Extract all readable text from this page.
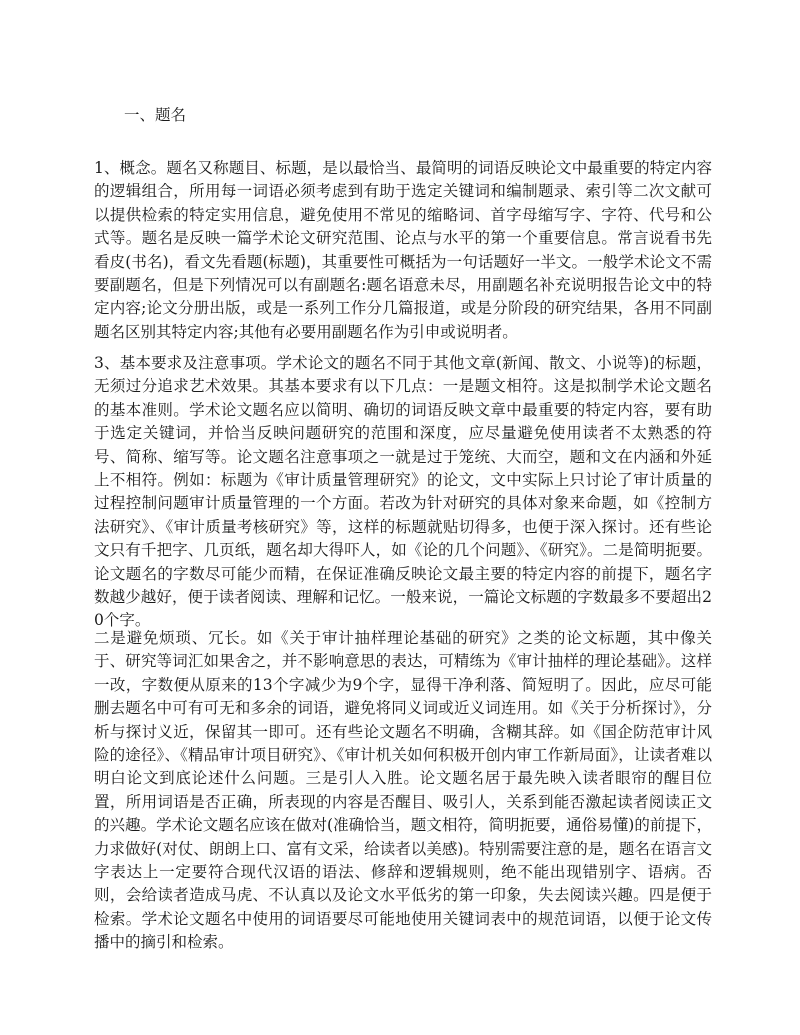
一、题名
1、概念。题名又称题目、标题，是以最恰当、最简明的词语反映论文中最重要的特定内容的逻辑组合，所用每一词语必须考虑到有助于选定关键词和编制题录、索引等二次文献可以提供检索的特定实用信息，避免使用不常见的缩略词、首字母缩写字、字符、代号和公式等。题名是反映一篇学术论文研究范围、论点与水平的第一个重要信息。常言说看书先看皮(书名)，看文先看题(标题)，其重要性可概括为一句话题好一半文。一般学术论文不需要副题名，但是下列情况可以有副题名:题名语意未尽，用副题名补充说明报告论文中的特定内容;论文分册出版，或是一系列工作分几篇报道，或是分阶段的研究结果，各用不同副题名区别其特定内容;其他有必要用副题名作为引申或说明者。
3、基本要求及注意事项。学术论文的题名不同于其他文章(新闻、散文、小说等)的标题，无须过分追求艺术效果。其基本要求有以下几点：一是题文相符。这是拟制学术论文题名的基本准则。学术论文题名应以简明、确切的词语反映文章中最重要的特定内容，要有助于选定关键词，并恰当反映问题研究的范围和深度，应尽量避免使用读者不太熟悉的符号、简称、缩写等。论文题名注意事项之一就是过于笼统、大而空，题和文在内涵和外延上不相符。例如：标题为《审计质量管理研究》的论文，文中实际上只讨论了审计质量的过程控制问题审计质量管理的一个方面。若改为针对研究的具体对象来命题，如《控制方法研究》、《审计质量考核研究》等，这样的标题就贴切得多，也便于深入探讨。还有些论文只有千把字、几页纸，题名却大得吓人，如《论的几个问题》、《研究》。二是简明扼要。论文题名的字数尽可能少而精，在保证准确反映论文最主要的特定内容的前提下，题名字数越少越好，便于读者阅读、理解和记忆。一般来说，一篇论文标题的字数最多不要超出20个字。
二是避免烦琐、冗长。如《关于审计抽样理论基础的研究》之类的论文标题，其中像关于、研究等词汇如果舍之，并不影响意思的表达，可精练为《审计抽样的理论基础》。这样一改，字数便从原来的13个字减少为9个字，显得干净利落、简短明了。因此，应尽可能删去题名中可有可无和多余的词语，避免将同义词或近义词连用。如《关于分析探讨》，分析与探讨义近，保留其一即可。还有些论文题名不明确，含糊其辞。如《国企防范审计风险的途径》、《精品审计项目研究》、《审计机关如何积极开创内审工作新局面》，让读者难以明白论文到底论述什么问题。三是引人入胜。论文题名居于最先映入读者眼帘的醒目位置，所用词语是否正确，所表现的内容是否醒目、吸引人，关系到能否激起读者阅读正文的兴趣。学术论文题名应该在做对(准确恰当，题文相符，简明扼要，通俗易懂)的前提下，力求做好(对仗、朗朗上口、富有文采，给读者以美感)。特别需要注意的是，题名在语言文字表达上一定要符合现代汉语的语法、修辞和逻辑规则，绝不能出现错别字、语病。否则，会给读者造成马虎、不认真以及论文水平低劣的第一印象，失去阅读兴趣。四是便于检索。学术论文题名中使用的词语要尽可能地使用关键词表中的规范词语，以便于论文传播中的摘引和检索。
